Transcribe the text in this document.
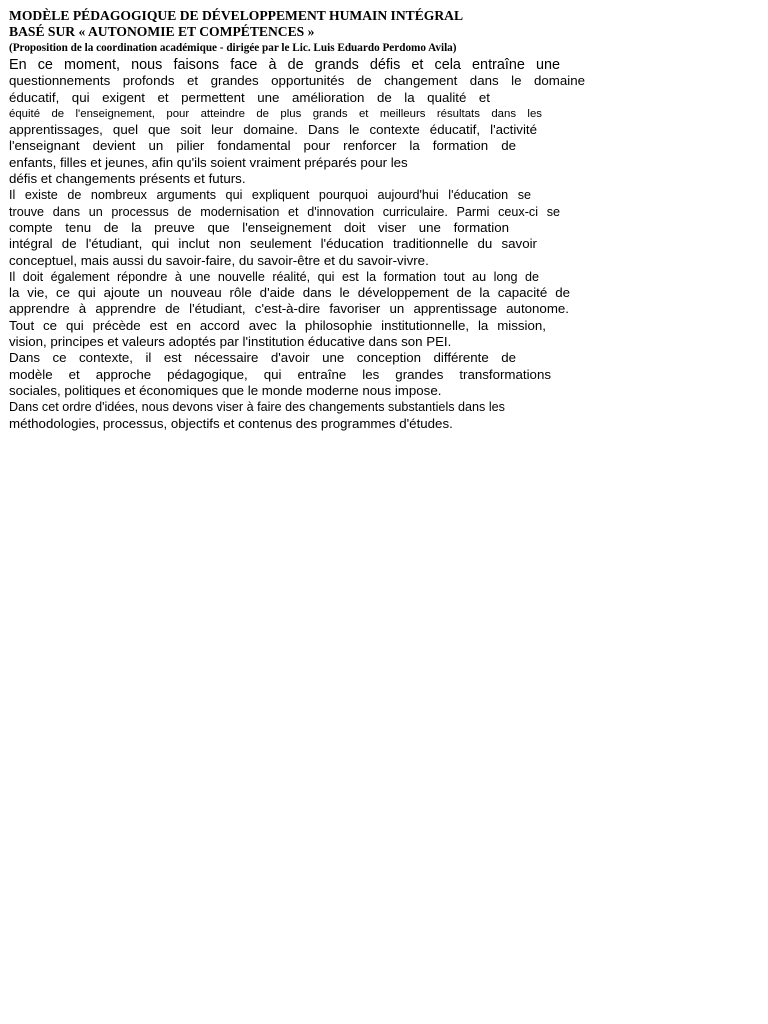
MODÈLE PÉDAGOGIQUE DE DÉVELOPPEMENT HUMAIN INTÉGRAL
BASÉ SUR « AUTONOMIE ET COMPÉTENCES »
(Proposition de la coordination académique - dirigée par le Lic. Luis Eduardo Perdomo Avila)
En ce moment, nous faisons face à de grands défis et cela entraîne une
questionnements profonds et grandes opportunités de changement dans le domaine
éducatif, qui exigent et permettent une amélioration de la qualité et
équité de l'enseignement, pour atteindre de plus grands et meilleurs résultats dans les
apprentissages, quel que soit leur domaine. Dans le contexte éducatif, l'activité
l'enseignant devient un pilier fondamental pour renforcer la formation de
enfants, filles et jeunes, afin qu'ils soient vraiment préparés pour les
défis et changements présents et futurs.
Il existe de nombreux arguments qui expliquent pourquoi aujourd'hui l'éducation se
trouve dans un processus de modernisation et d'innovation curriculaire. Parmi ceux-ci se
compte tenu de la preuve que l'enseignement doit viser une formation
intégral de l'étudiant, qui inclut non seulement l'éducation traditionnelle du savoir
conceptuel, mais aussi du savoir-faire, du savoir-être et du savoir-vivre.
Il doit également répondre à une nouvelle réalité, qui est la formation tout au long de
la vie, ce qui ajoute un nouveau rôle d'aide dans le développement de la capacité de
apprendre à apprendre de l'étudiant, c'est-à-dire favoriser un apprentissage autonome.
Tout ce qui précède est en accord avec la philosophie institutionnelle, la mission,
vision, principes et valeurs adoptés par l'institution éducative dans son PEI.
Dans ce contexte, il est nécessaire d'avoir une conception différente de
modèle et approche pédagogique, qui entraîne les grandes transformations
sociales, politiques et économiques que le monde moderne nous impose.
Dans cet ordre d'idées, nous devons viser à faire des changements substantiels dans les
méthodologies, processus, objectifs et contenus des programmes d'études.
